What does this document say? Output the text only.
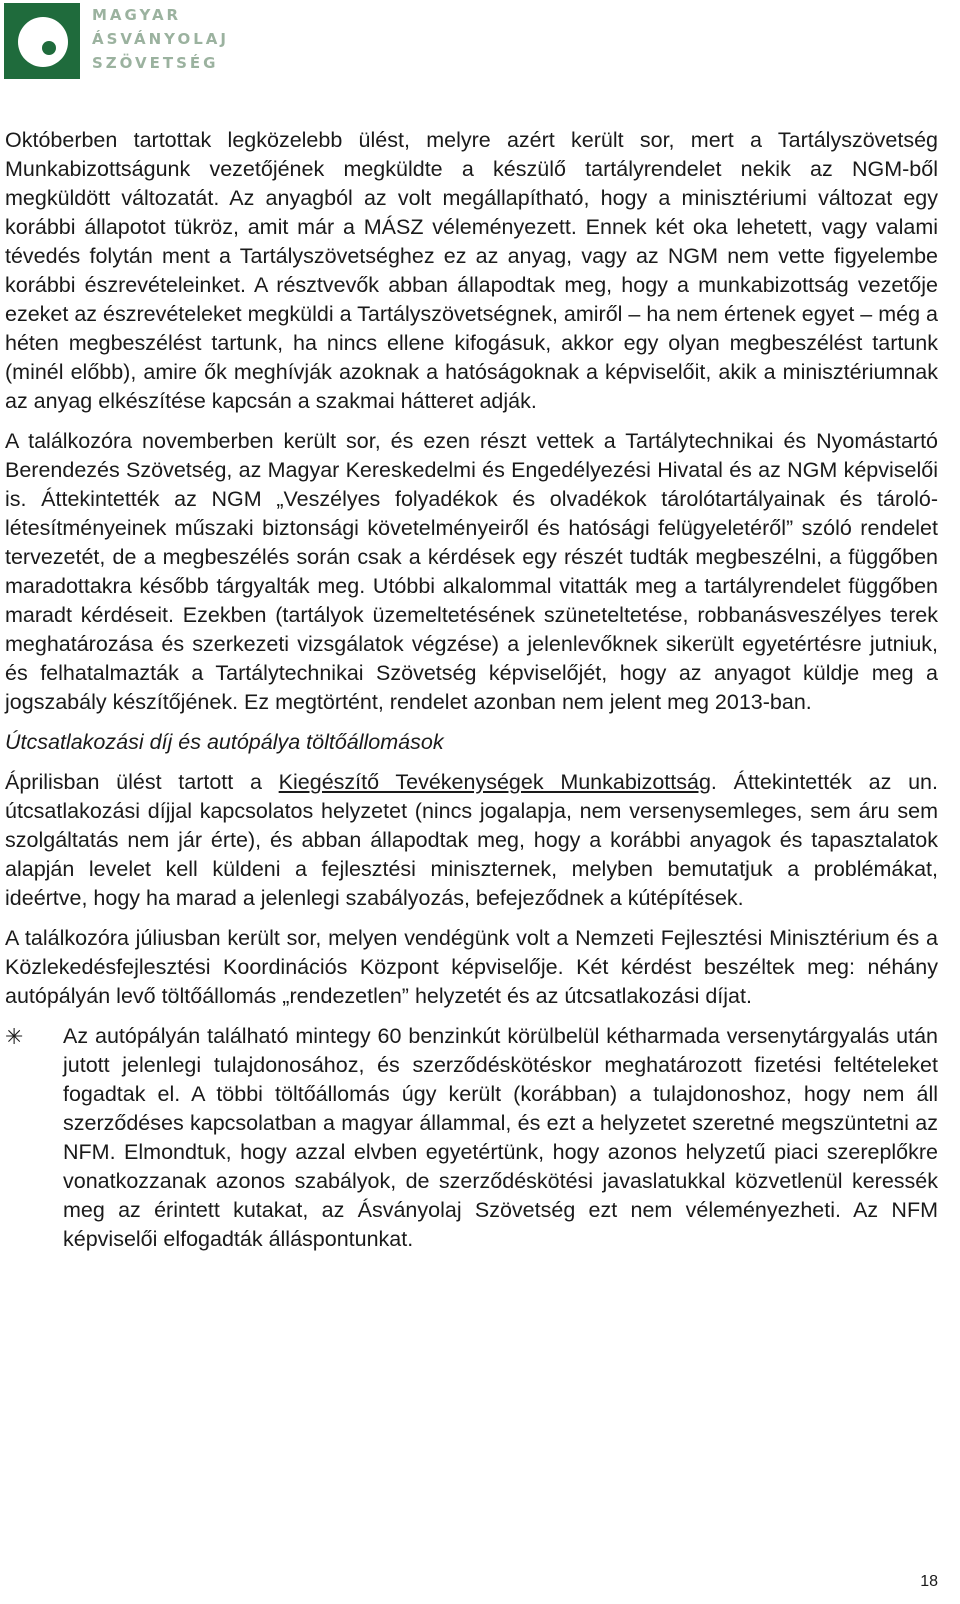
MAGYAR
ÁSVÁNYOLAJ
SZÖVETSÉG

Októberben tartottak legközelebb ülést, melyre azért került sor, mert a Tartályszövetség Munkabizottságunk vezetőjének megküldte a készülő tartályrendelet nekik az NGM-ből megküldött változatát. Az anyagból az volt megállapítható, hogy a minisztériumi változat egy korábbi állapotot tükröz, amit már a MÁSZ véleményezett. Ennek két oka lehetett, vagy valami tévedés folytán ment a Tartályszövetséghez ez az anyag, vagy az NGM nem vette figyelembe korábbi észrevételeinket. A résztvevők abban állapodtak meg, hogy a munkabizottság vezetője ezeket az észrevételeket megküldi a Tartályszövetségnek, amiről – ha nem értenek egyet – még a héten megbeszélést tartunk, ha nincs ellene kifogásuk, akkor egy olyan megbeszélést tartunk (minél előbb), amire ők meghívják azoknak a hatóságoknak a képviselőit, akik a minisztériumnak az anyag elkészítése kapcsán a szakmai hátteret adják.

A találkozóra novemberben került sor, és ezen részt vettek a Tartálytechnikai és Nyomástartó Berendezés Szövetség, az Magyar Kereskedelmi és Engedélyezési Hivatal és az NGM képviselői is. Áttekintették az NGM „Veszélyes folyadékok és olvadékok tárolótartályainak és tároló-létesítményeinek műszaki biztonsági követelményeiről és hatósági felügyeletéről” szóló rendelet tervezetét, de a megbeszélés során csak a kérdések egy részét tudták megbeszélni, a függőben maradottakra később tárgyalták meg. Utóbbi alkalommal vitatták meg a tartályrendelet függőben maradt kérdéseit. Ezekben (tartályok üzemeltetésének szüneteltetése, robbanásveszélyes terek meghatározása és szerkezeti vizsgálatok végzése) a jelenlevőknek sikerült egyetértésre jutniuk, és felhatalmazták a Tartálytechnikai Szövetség képviselőjét, hogy az anyagot küldje meg a jogszabály készítőjének. Ez megtörtént, rendelet azonban nem jelent meg 2013-ban.

Útcsatlakozási díj és autópálya töltőállomások

Áprilisban ülést tartott a Kiegészítő Tevékenységek Munkabizottság. Áttekintették az un. útcsatlakozási díjjal kapcsolatos helyzetet (nincs jogalapja, nem versenysemleges, sem áru sem szolgáltatás nem jár érte), és abban állapodtak meg, hogy a korábbi anyagok és tapasztalatok alapján levelet kell küldeni a fejlesztési miniszternek, melyben bemutatjuk a problémákat, ideértve, hogy ha marad a jelenlegi szabályozás, befejeződnek a kútépítések.

A találkozóra júliusban került sor, melyen vendégünk volt a Nemzeti Fejlesztési Minisztérium és a Közlekedésfejlesztési Koordinációs Központ képviselője. Két kérdést beszéltek meg: néhány autópályán levő töltőállomás „rendezetlen” helyzetét és az útcsatlakozási díjat.

✳	Az autópályán található mintegy 60 benzinkút körülbelül kétharmada versenytárgyalás után jutott jelenlegi tulajdonosához, és szerződéskötéskor meghatározott fizetési feltételeket fogadtak el. A többi töltőállomás úgy került (korábban) a tulajdonoshoz, hogy nem áll szerződéses kapcsolatban a magyar állammal, és ezt a helyzetet szeretné megszüntetni az NFM. Elmondtuk, hogy azzal elvben egyetértünk, hogy azonos helyzetű piaci szereplőkre vonatkozzanak azonos szabályok, de szerződéskötési javaslatukkal közvetlenül keressék meg az érintett kutakat, az Ásványolaj Szövetség ezt nem véleményezheti. Az NFM képviselői elfogadták álláspontunkat.
18
